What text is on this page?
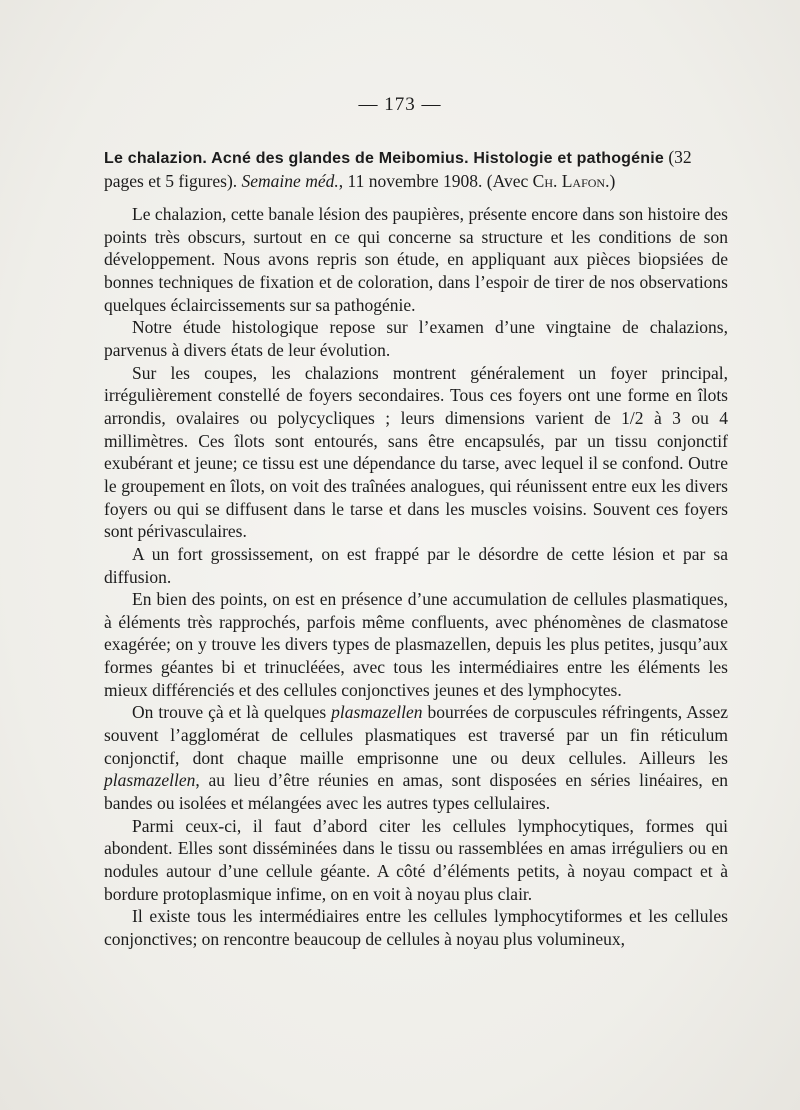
— 173 —
Le chalazion. Acné des glandes de Meibomius. Histologie et pathogénie (32 pages et 5 figures). Semaine méd., 11 novembre 1908. (Avec Ch. Lafon.)

Le chalazion, cette banale lésion des paupières, présente encore dans son histoire des points très obscurs, surtout en ce qui concerne sa structure et les conditions de son développement. Nous avons repris son étude, en appliquant aux pièces biopsiées de bonnes techniques de fixation et de coloration, dans l’espoir de tirer de nos observations quelques éclaircissements sur sa pathogénie.

Notre étude histologique repose sur l’examen d’une vingtaine de chalazions, parvenus à divers états de leur évolution.

Sur les coupes, les chalazions montrent généralement un foyer principal, irrégulièrement constellé de foyers secondaires. Tous ces foyers ont une forme en îlots arrondis, ovalaires ou polycycliques ; leurs dimensions varient de 1/2 à 3 ou 4 millimètres. Ces îlots sont entourés, sans être encapsulés, par un tissu conjonctif exubérant et jeune; ce tissu est une dépendance du tarse, avec lequel il se confond. Outre le groupement en îlots, on voit des traînées analogues, qui réunissent entre eux les divers foyers ou qui se diffusent dans le tarse et dans les muscles voisins. Souvent ces foyers sont périvasculaires.

A un fort grossissement, on est frappé par le désordre de cette lésion et par sa diffusion.

En bien des points, on est en présence d’une accumulation de cellules plasmatiques, à éléments très rapprochés, parfois même confluents, avec phénomènes de clasmatose exagérée; on y trouve les divers types de plasmazellen, depuis les plus petites, jusqu’aux formes géantes bi et trinucléées, avec tous les intermédiaires entre les éléments les mieux différenciés et des cellules conjonctives jeunes et des lymphocytes.

On trouve çà et là quelques plasmazellen bourrées de corpuscules réfringents, Assez souvent l’agglomérat de cellules plasmatiques est traversé par un fin réticulum conjonctif, dont chaque maille emprisonne une ou deux cellules. Ailleurs les plasmazellen, au lieu d’être réunies en amas, sont disposées en séries linéaires, en bandes ou isolées et mélangées avec les autres types cellulaires.

Parmi ceux-ci, il faut d’abord citer les cellules lymphocytiques, formes qui abondent. Elles sont disséminées dans le tissu ou rassemblées en amas irréguliers ou en nodules autour d’une cellule géante. A côté d’éléments petits, à noyau compact et à bordure protoplasmique infime, on en voit à noyau plus clair.

Il existe tous les intermédiaires entre les cellules lymphocytiformes et les cellules conjonctives; on rencontre beaucoup de cellules à noyau plus volumineux,
